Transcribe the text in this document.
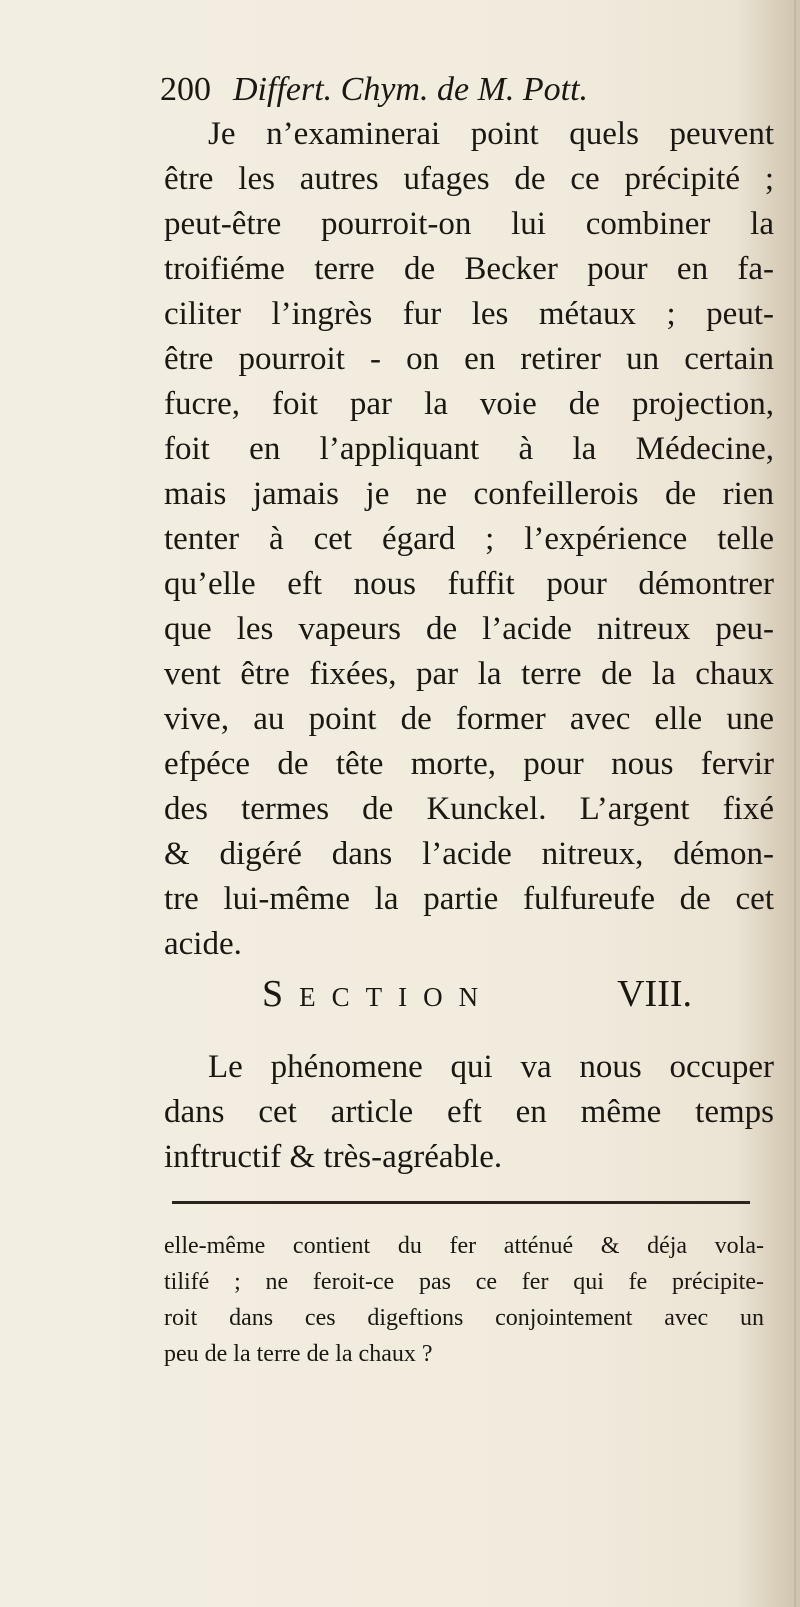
200 Differt. Chym. de M. Pott.
Je n’examinerai point quels peuvent
être les autres ufages de ce précipité ;
peut-être pourroit-on lui combiner la
troifiéme terre de Becker pour en fa-
ciliter l’ingrès fur les métaux ; peut-
être pourroit - on en retirer un certain
fucre, foit par la voie de projection,
foit en l’appliquant à la Médecine,
mais jamais je ne confeillerois de rien
tenter à cet égard ; l’expérience telle
qu’elle eft nous fuffit pour démontrer
que les vapeurs de l’acide nitreux peu-
vent être fixées, par la terre de la chaux
vive, au point de former avec elle une
efpéce de tête morte, pour nous fervir
des termes de Kunckel. L’argent fixé
& digéré dans l’acide nitreux, démon-
tre lui-même la partie fulfureufe de cet
acide.
Section	VIII.
Le phénomene qui va nous occuper
dans cet article eft en même temps
inftructif & très-agréable.
elle-même contient du fer atténué & déja vola-
tilifé ; ne feroit-ce pas ce fer qui fe précipite-
roit dans ces digeftions conjointement avec un
peu de la terre de la chaux ?
